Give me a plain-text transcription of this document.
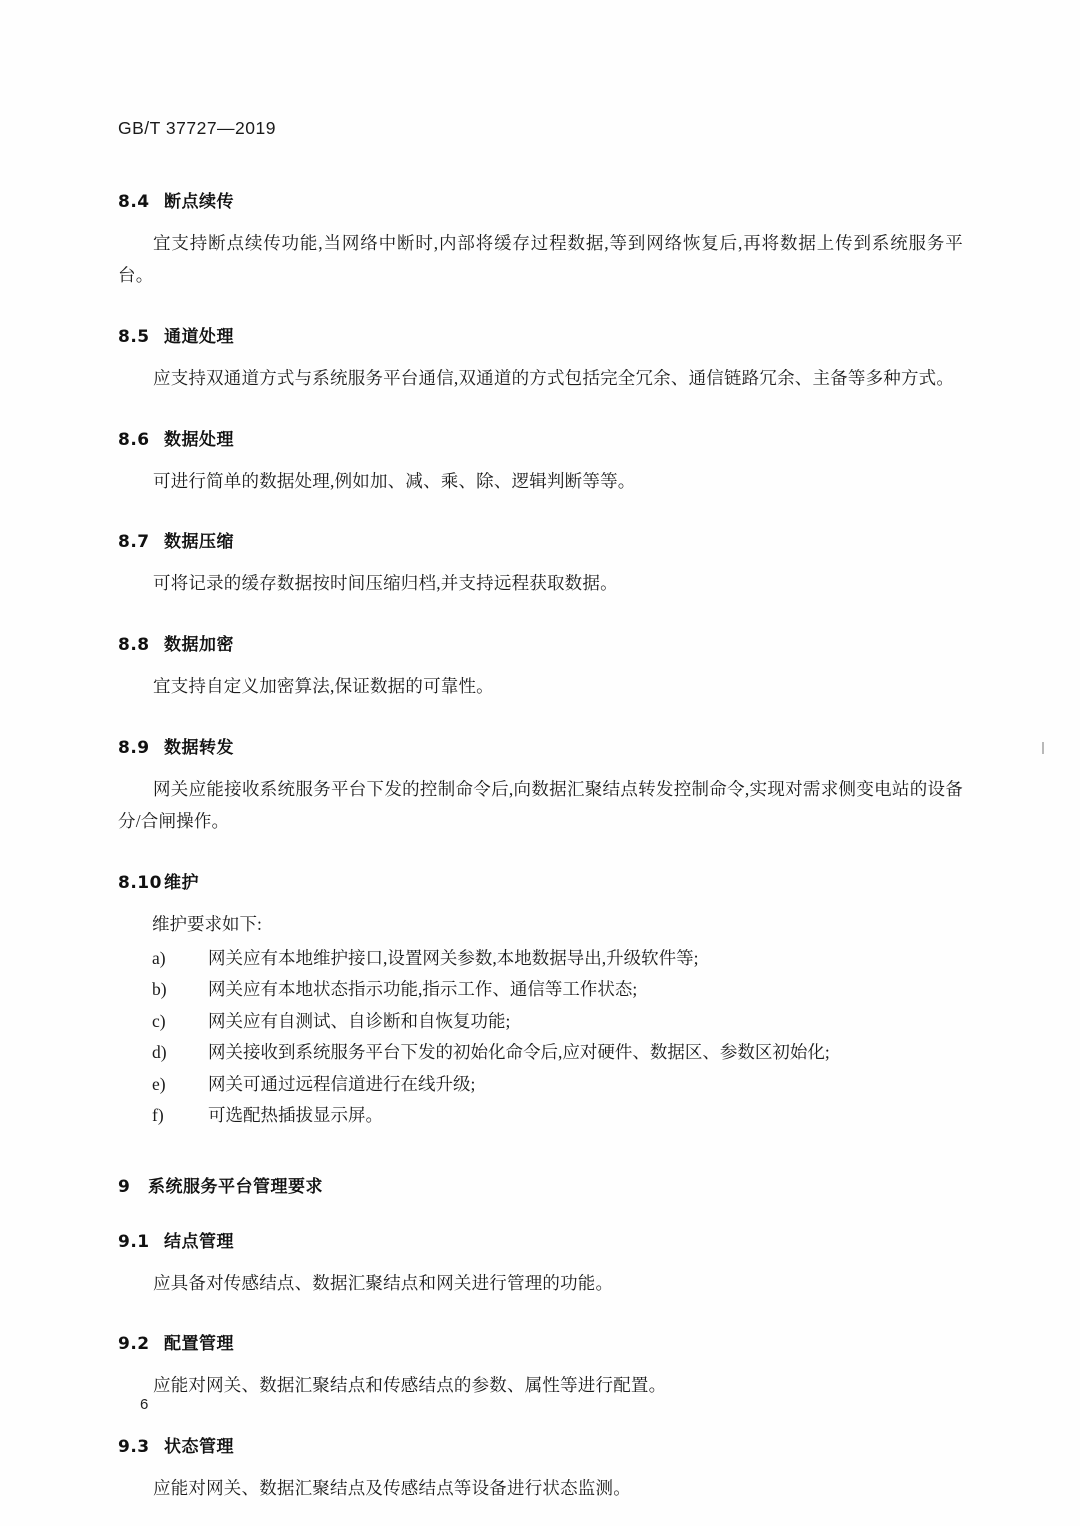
GB/T 37727—2019
8.4 断点续传

宜支持断点续传功能,当网络中断时,内部将缓存过程数据,等到网络恢复后,再将数据上传到系统服务平台。

8.5 通道处理

应支持双通道方式与系统服务平台通信,双通道的方式包括完全冗余、通信链路冗余、主备等多种方式。

8.6 数据处理

可进行简单的数据处理,例如加、减、乘、除、逻辑判断等等。

8.7 数据压缩

可将记录的缓存数据按时间压缩归档,并支持远程获取数据。

8.8 数据加密

宜支持自定义加密算法,保证数据的可靠性。

8.9 数据转发

网关应能接收系统服务平台下发的控制命令后,向数据汇聚结点转发控制命令,实现对需求侧变电站的设备分/合闸操作。

8.10 维护
维护要求如下:
a)	网关应有本地维护接口,设置网关参数,本地数据导出,升级软件等;
b)	网关应有本地状态指示功能,指示工作、通信等工作状态;
c)	网关应有自测试、自诊断和自恢复功能;
d)	网关接收到系统服务平台下发的初始化命令后,应对硬件、数据区、参数区初始化;
e)	网关可通过远程信道进行在线升级;
f)	可选配热插拔显示屏。
9 系统服务平台管理要求
9.1 结点管理

应具备对传感结点、数据汇聚结点和网关进行管理的功能。

9.2 配置管理

应能对网关、数据汇聚结点和传感结点的参数、属性等进行配置。

9.3 状态管理

应能对网关、数据汇聚结点及传感结点等设备进行状态监测。

6
